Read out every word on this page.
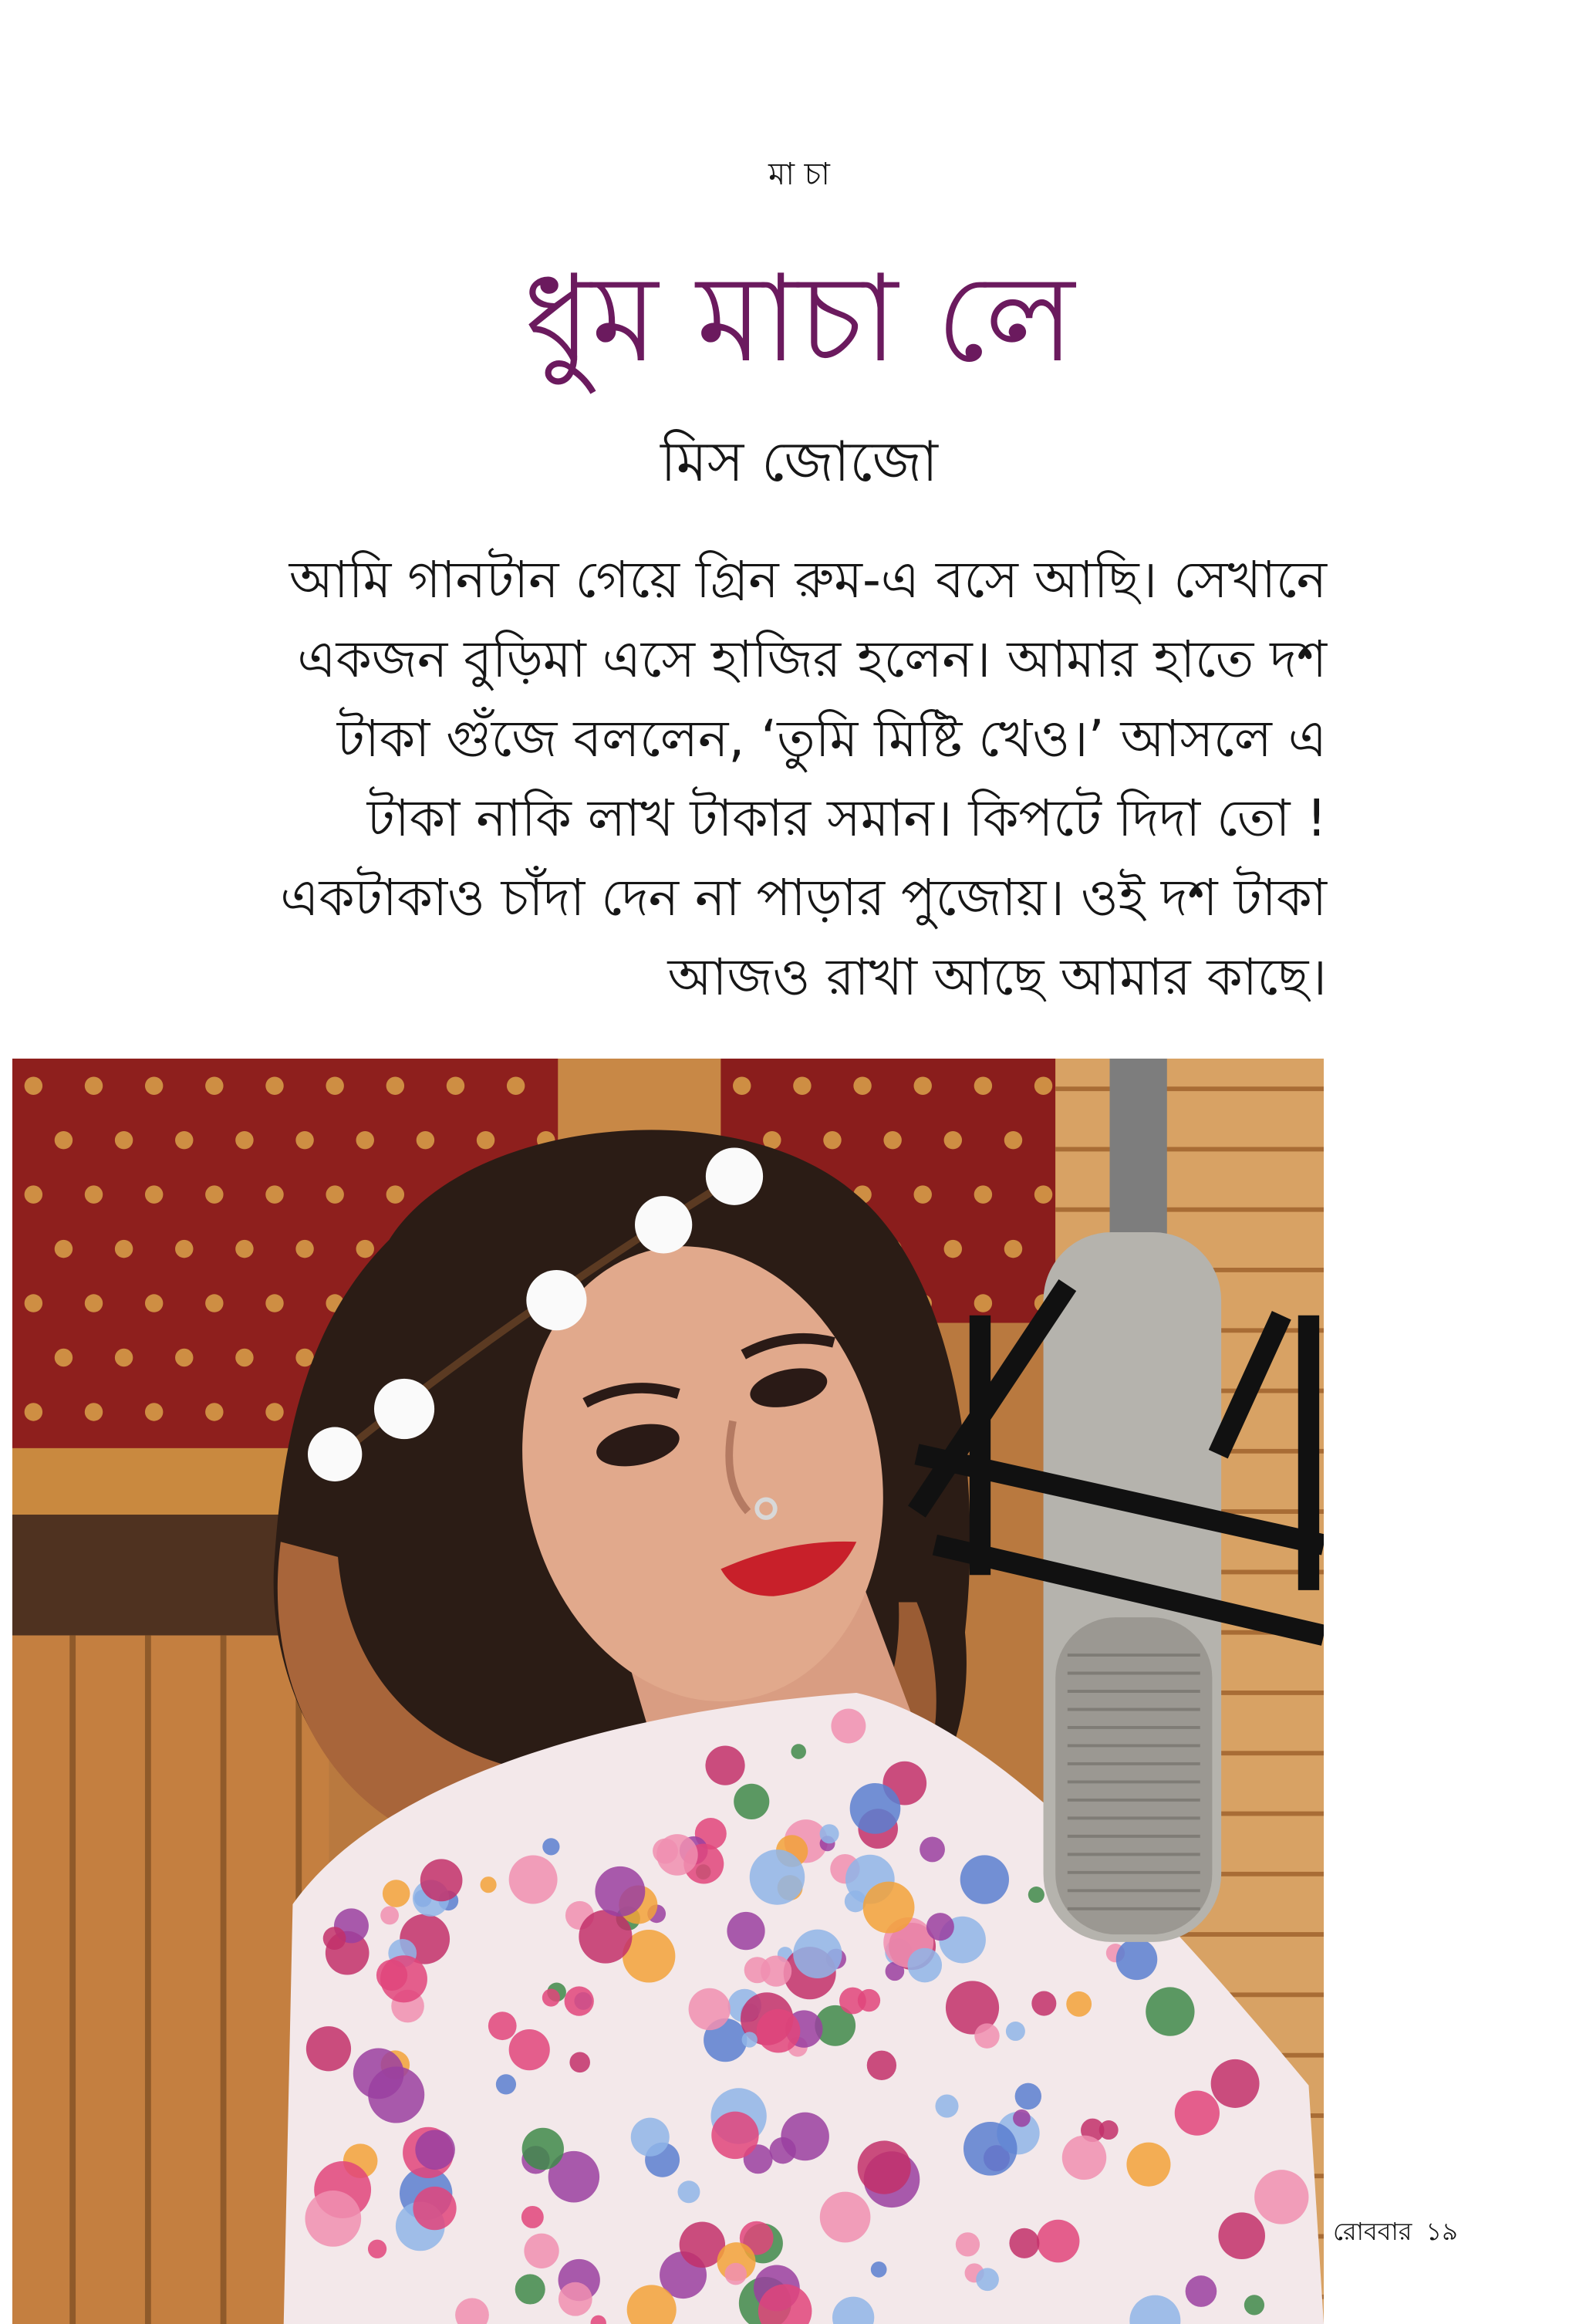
মা চা
ধুম মাচা লে
মিস জোজো
আমি গানটান গেয়ে গ্রিন রুম-এ বসে আছি। সেখানে
একজন বুড়িমা এসে হাজির হলেন। আমার হাতে দশ
টাকা গুঁজে বললেন, ‘তুমি মিষ্টি খেও।’ আসলে এ
টাকা নাকি লাখ টাকার সমান। কিপটে দিদা তো !
একটাকাও চাঁদা দেন না পাড়ার পুজোয়। ওই দশ টাকা
আজও রাখা আছে আমার কাছে।
রোববার ১৯
